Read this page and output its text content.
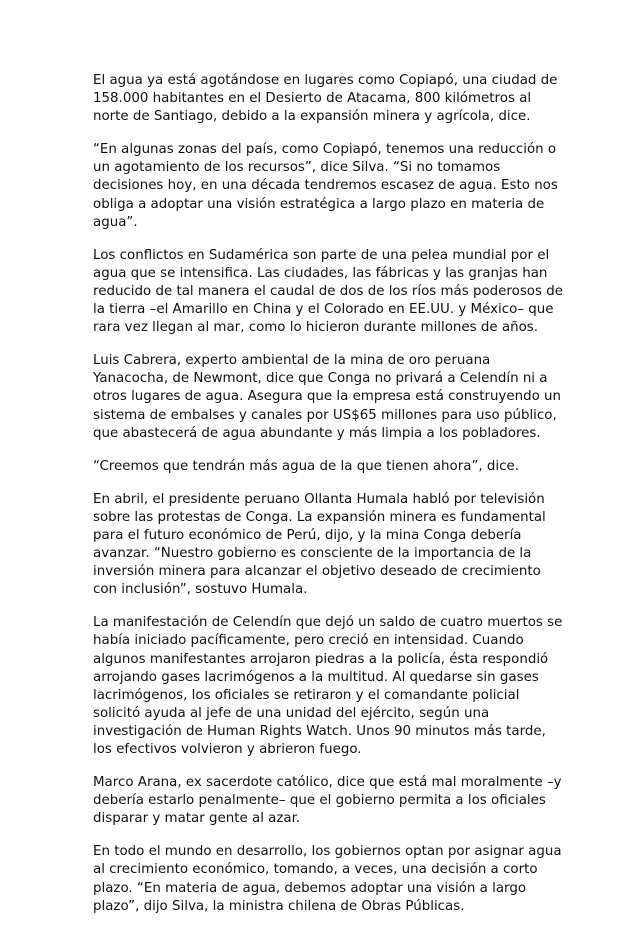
El agua ya está agotándose en lugares como Copiapó, una ciudad de 158.000 habitantes en el Desierto de Atacama, 800 kilómetros al norte de Santiago, debido a la expansión minera y agrícola, dice.

“En algunas zonas del país, como Copiapó, tenemos una reducción o un agotamiento de los recursos”, dice Silva. “Si no tomamos decisiones hoy, en una década tendremos escasez de agua. Esto nos obliga a adoptar una visión estratégica a largo plazo en materia de agua”.

Los conflictos en Sudamérica son parte de una pelea mundial por el agua que se intensifica. Las ciudades, las fábricas y las granjas han reducido de tal manera el caudal de dos de los ríos más poderosos de la tierra –el Amarillo en China y el Colorado en EE.UU. y México– que rara vez llegan al mar, como lo hicieron durante millones de años.

Luis Cabrera, experto ambiental de la mina de oro peruana Yanacocha, de Newmont, dice que Conga no privará a Celendín ni a otros lugares de agua. Asegura que la empresa está construyendo un sistema de embalses y canales por US$65 millones para uso público, que abastecerá de agua abundante y más limpia a los pobladores.

“Creemos que tendrán más agua de la que tienen ahora”, dice.

En abril, el presidente peruano Ollanta Humala habló por televisión sobre las protestas de Conga. La expansión minera es fundamental para el futuro económico de Perú, dijo, y la mina Conga debería avanzar. “Nuestro gobierno es consciente de la importancia de la inversión minera para alcanzar el objetivo deseado de crecimiento con inclusión”, sostuvo Humala.

La manifestación de Celendín que dejó un saldo de cuatro muertos se había iniciado pacíficamente, pero creció en intensidad. Cuando algunos manifestantes arrojaron piedras a la policía, ésta respondió arrojando gases lacrimógenos a la multitud. Al quedarse sin gases lacrimógenos, los oficiales se retiraron y el comandante policial solicitó ayuda al jefe de una unidad del ejército, según una investigación de Human Rights Watch. Unos 90 minutos más tarde, los efectivos volvieron y abrieron fuego.

Marco Arana, ex sacerdote católico, dice que está mal moralmente –y debería estarlo penalmente– que el gobierno permita a los oficiales disparar y matar gente al azar.

En todo el mundo en desarrollo, los gobiernos optan por asignar agua al crecimiento económico, tomando, a veces, una decisión a corto plazo. “En materia de agua, debemos adoptar una visión a largo plazo”, dijo Silva, la ministra chilena de Obras Públicas.
